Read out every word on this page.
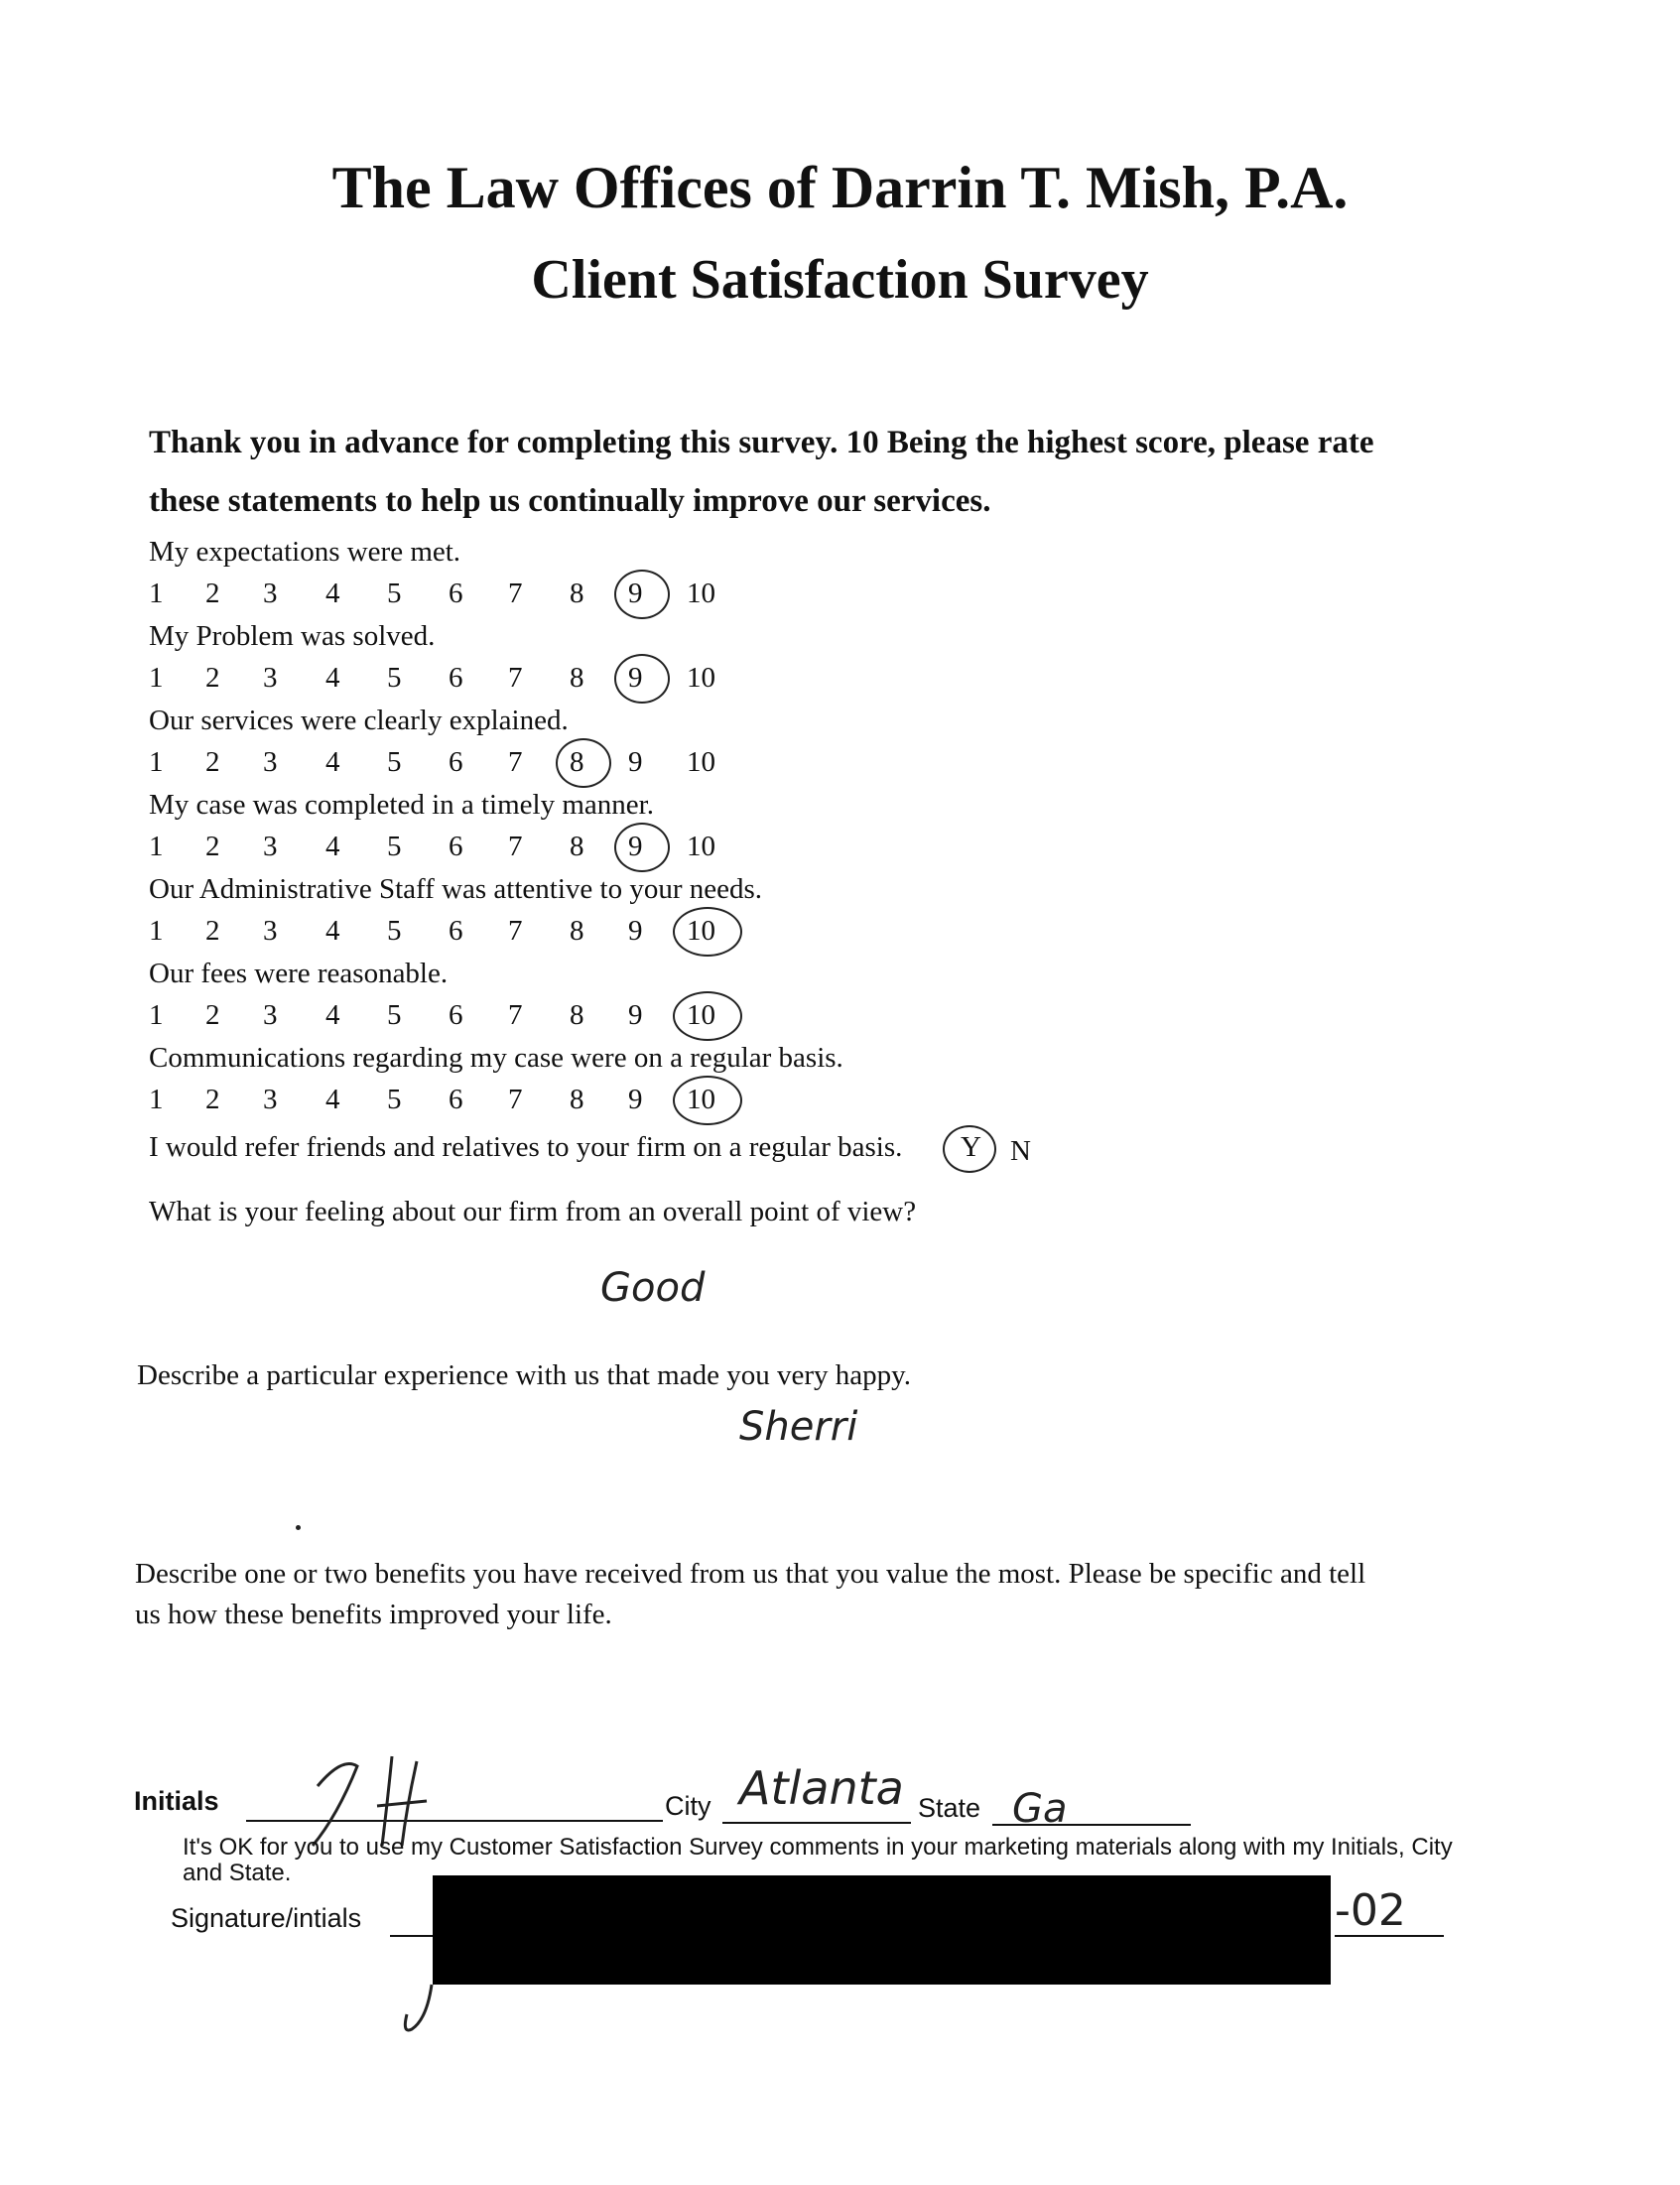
The Law Offices of Darrin T. Mish, P.A.
Client Satisfaction Survey
Thank you in advance for completing this survey. 10 Being the highest score, please rate
these statements to help us continually improve our services.
My expectations were met.
1 2 3 4 5 6 7 8 9 10
My Problem was solved.
1 2 3 4 5 6 7 8 9 10
Our services were clearly explained.
1 2 3 4 5 6 7 8 9 10
My case was completed in a timely manner.
1 2 3 4 5 6 7 8 9 10
Our Administrative Staff was attentive to your needs.
1 2 3 4 5 6 7 8 9 10
Our fees were reasonable.
1 2 3 4 5 6 7 8 9 10
Communications regarding my case were on a regular basis.
1 2 3 4 5 6 7 8 9 10
I would refer friends and relatives to your firm on a regular basis. Y N
What is your feeling about our firm from an overall point of view?
Good
Describe a particular experience with us that made you very happy.
Sherri
Describe one or two benefits you have received from us that you value the most. Please be specific and tell
us how these benefits improved your life.
Initials	City Atlanta State Ga
It's OK for you to use my Customer Satisfaction Survey comments in your marketing materials along with my Initials, City
and State.
Signature/intials	-02
